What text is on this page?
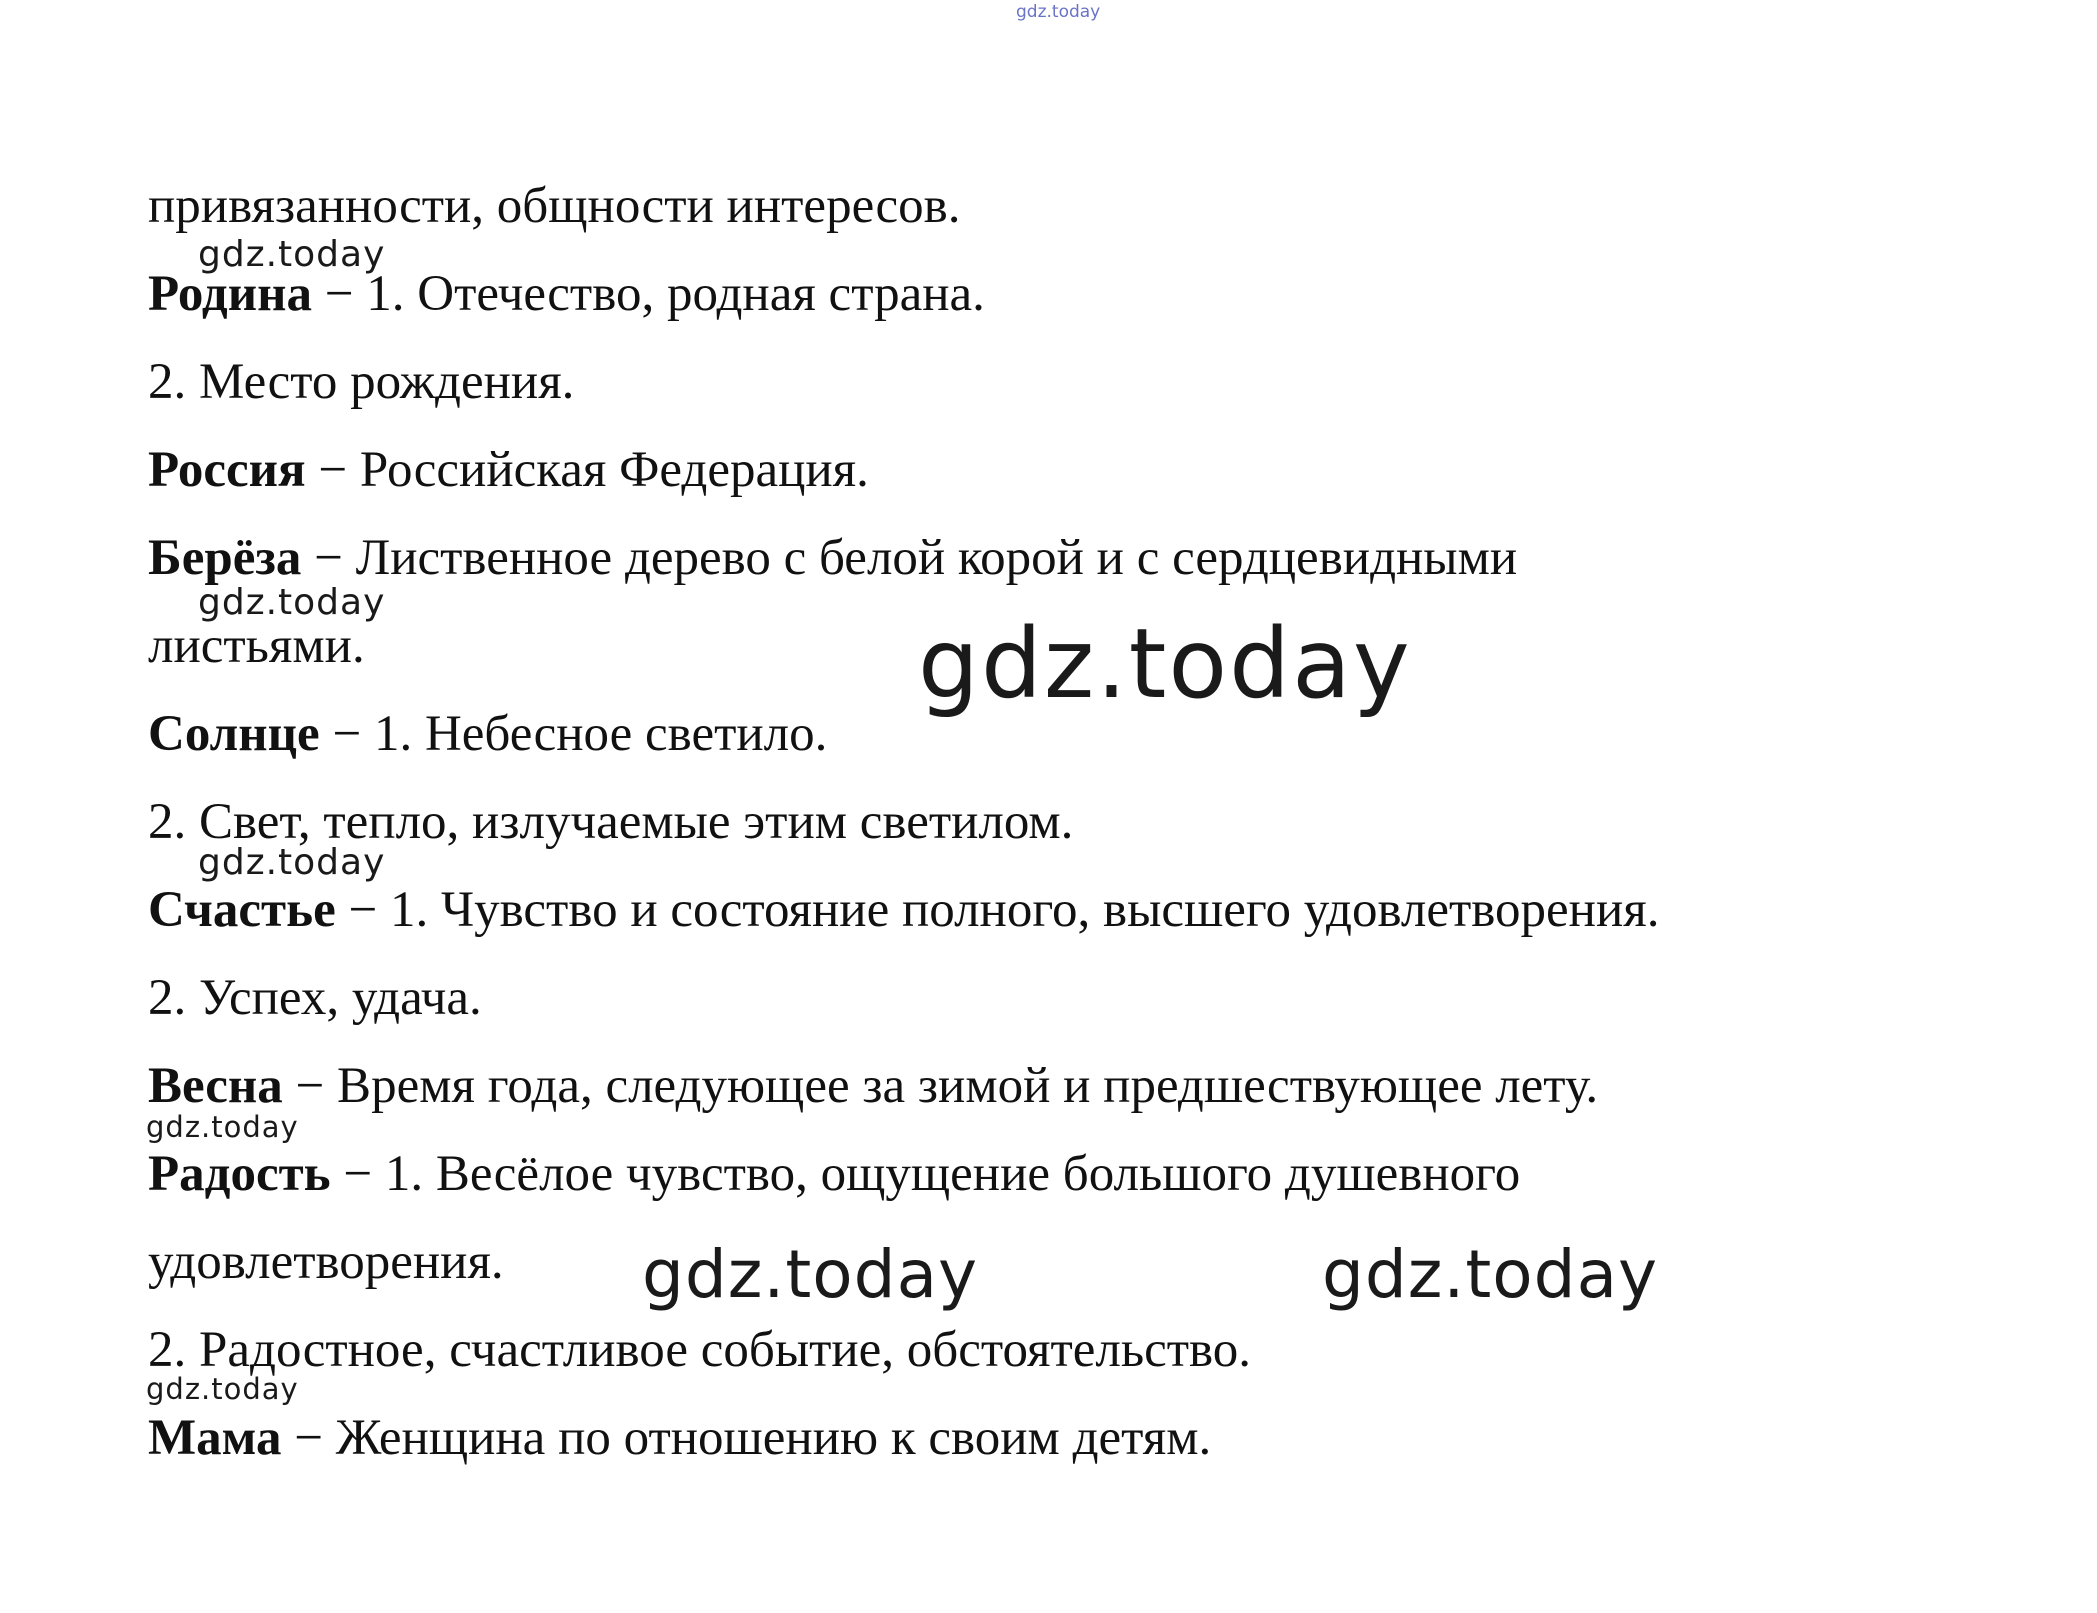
gdz.today
привязанности, общности интересов.
Родина − 1. Отечество, родная страна.
2. Место рождения.
Россия − Российская Федерация.
Берёза − Лиственное дерево с белой корой и с сердцевидными
листьями.
Солнце − 1. Небесное светило.
2. Свет, тепло, излучаемые этим светилом.
Счастье − 1. Чувство и состояние полного, высшего удовлетворения.
2. Успех, удача.
Весна − Время года, следующее за зимой и предшествующее лету.
Радость − 1. Весёлое чувство, ощущение большого душевного
удовлетворения.
2. Радостное, счастливое событие, обстоятельство.
Мама − Женщина по отношению к своим детям.
gdz.today
gdz.today
gdz.today
gdz.today
gdz.today
gdz.today	gdz.today
gdz.today
